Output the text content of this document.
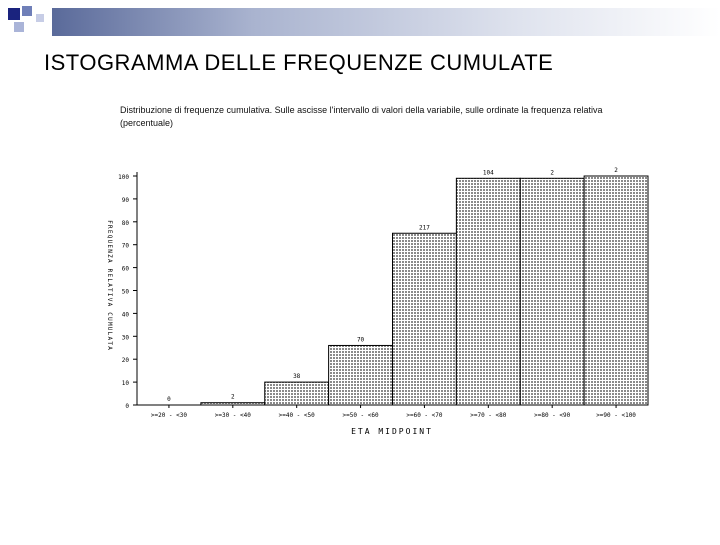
ISTOGRAMMA DELLE FREQUENZE CUMULATE
Distribuzione di frequenze cumulativa. Sulle ascisse l'intervallo di valori della variabile, sulle ordinate la frequenza relativa (percentuale)
0
10
20
30
40
50
60
70
80
90
100
F
R
E
Q
U
E
N
Z
A
R
E
L
A
T
I
V
A
C
U
M
U
L
A
T
A
0
>=20 - <30
2
>=30 - <40
38
>=40 - <50
70
>=50 - <60
217
>=60 - <70
104
>=70 - <80
2
>=80 - <90
2
>=90 - <100
ETA MIDPOINT
